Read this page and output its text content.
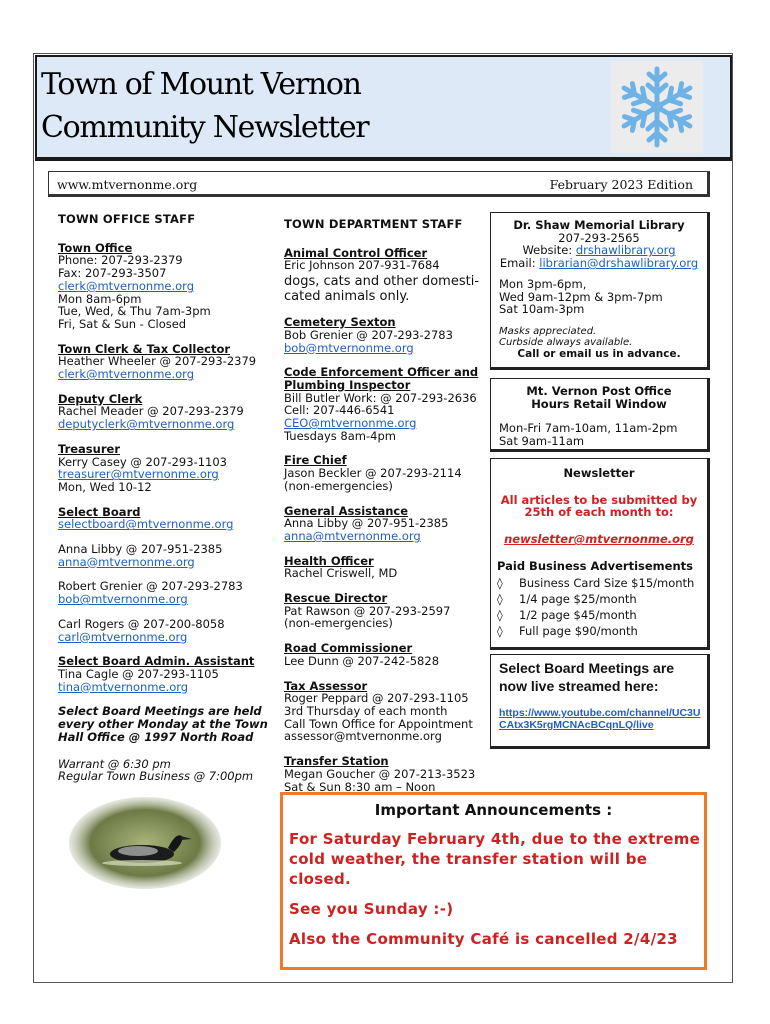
Town of Mount Vernon
Community Newsletter
www.mtvernonme.org	February 2023 Edition
TOWN OFFICE STAFF
Town Office
Phone: 207-293-2379
Fax: 207-293-3507
clerk@mtvernonme.org
Mon 8am-6pm
Tue, Wed, & Thu 7am-3pm
Fri, Sat & Sun - Closed
Town Clerk & Tax Collector
Heather Wheeler @ 207-293-2379
clerk@mtvernonme.org
Deputy Clerk
Rachel Meader @ 207-293-2379
deputyclerk@mtvernonme.org
Treasurer
Kerry Casey @ 207-293-1103
treasurer@mtvernonme.org
Mon, Wed 10-12
Select Board
selectboard@mtvernonme.org
Anna Libby @ 207-951-2385
anna@mtvernonme.org
Robert Grenier @ 207-293-2783
bob@mtvernonme.org
Carl Rogers @ 207-200-8058
carl@mtvernonme.org
Select Board Admin. Assistant
Tina Cagle @ 207-293-1105
tina@mtvernonme.org
Select Board Meetings are held every other Monday at the Town Hall Office @ 1997 North Road
Warrant @ 6:30 pm
Regular Town Business @ 7:00pm
TOWN DEPARTMENT STAFF
Animal Control Officer
Eric Johnson 207-931-7684
dogs, cats and other domesti-
cated animals only.
Cemetery Sexton
Bob Grenier @ 207-293-2783
bob@mtvernonme.org
Code Enforcement Officer and Plumbing Inspector
Bill Butler Work: @ 207-293-2636
Cell: 207-446-6541
CEO@mtvernonme.org
Tuesdays 8am-4pm
Fire Chief
Jason Beckler @ 207-293-2114
(non-emergencies)
General Assistance
Anna Libby @ 207-951-2385
anna@mtvernonme.org
Health Officer
Rachel Criswell, MD
Rescue Director
Pat Rawson @ 207-293-2597
(non-emergencies)
Road Commissioner
Lee Dunn @ 207-242-5828
Tax Assessor
Roger Peppard @ 207-293-1105
3rd Thursday of each month
Call Town Office for Appointment
assessor@mtvernonme.org
Transfer Station
Megan Goucher @ 207-213-3523
Sat & Sun 8:30 am – Noon
Dr. Shaw Memorial Library
207-293-2565
Website: drshawlibrary.org
Email: librarian@drshawlibrary.org
Mon 3pm-6pm,
Wed 9am-12pm & 3pm-7pm
Sat 10am-3pm
Masks appreciated.
Curbside always available.
Call or email us in advance.
Mt. Vernon Post Office Hours Retail Window
Mon-Fri 7am-10am, 11am-2pm
Sat 9am-11am
Newsletter
All articles to be submitted by 25th of each month to:
newsletter@mtvernonme.org
Paid Business Advertisements
◊ Business Card Size $15/month
◊ 1/4 page $25/month
◊ 1/2 page $45/month
◊ Full page $90/month
Select Board Meetings are now live streamed here:
https://www.youtube.com/channel/UC3UCAtx3K5rgMCNAcBCqnLQ/live
Important Announcements :

For Saturday February 4th, due to the extreme cold weather, the transfer station will be closed.

See you Sunday :-)

Also the Community Café is cancelled 2/4/23
